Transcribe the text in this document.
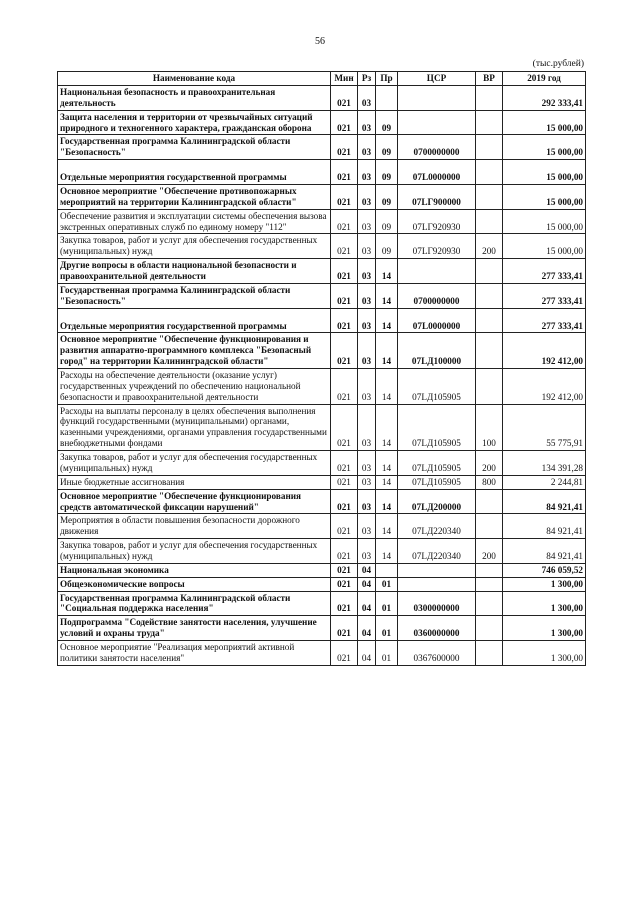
56
(тыс.рублей)
Наименование кода	Мин	Рз	Пр	ЦСР	ВР	2019 год
Национальная безопасность и правоохранительная деятельность	021	03				292 333,41
Защита населения и территории от чрезвычайных ситуаций природного и техногенного характера, гражданская оборона	021	03	09			15 000,00
Государственная программа Калининградской области "Безопасность"	021	03	09	0700000000		15 000,00
Отдельные мероприятия государственной программы	021	03	09	07L0000000		15 000,00
Основное мероприятие "Обеспечение противопожарных мероприятий на территории Калининградской области"	021	03	09	07LГ900000		15 000,00
Обеспечение развития и эксплуатации системы обеспечения вызова экстренных оперативных служб по единому номеру "112"	021	03	09	07LГ920930		15 000,00
Закупка товаров, работ и услуг для обеспечения государственных (муниципальных) нужд	021	03	09	07LГ920930	200	15 000,00
Другие вопросы в области национальной безопасности и правоохранительной деятельности	021	03	14			277 333,41
Государственная программа Калининградской области "Безопасность"	021	03	14	0700000000		277 333,41
Отдельные мероприятия государственной программы	021	03	14	07L0000000		277 333,41
Основное мероприятие "Обеспечение функционирования и развития аппаратно-программного комплекса "Безопасный город" на территории Калининградской области"	021	03	14	07LД100000		192 412,00
Расходы на обеспечение деятельности (оказание услуг) государственных учреждений по обеспечению национальной безопасности и правоохранительной деятельности	021	03	14	07LД105905		192 412,00
Расходы на выплаты персоналу в целях обеспечения выполнения функций государственными (муниципальными) органами, казенными учреждениями, органами управления государственными внебюджетными фондами	021	03	14	07LД105905	100	55 775,91
Закупка товаров, работ и услуг для обеспечения государственных (муниципальных) нужд	021	03	14	07LД105905	200	134 391,28
Иные бюджетные ассигнования	021	03	14	07LД105905	800	2 244,81
Основное мероприятие "Обеспечение функционирования средств автоматической фиксации нарушений"	021	03	14	07LД200000		84 921,41
Мероприятия в области повышения безопасности дорожного движения	021	03	14	07LД220340		84 921,41
Закупка товаров, работ и услуг для обеспечения государственных (муниципальных) нужд	021	03	14	07LД220340	200	84 921,41
Национальная экономика	021	04				746 059,52
Общеэкономические вопросы	021	04	01			1 300,00
Государственная программа Калининградской области "Социальная поддержка населения"	021	04	01	0300000000		1 300,00
Подпрограмма "Содействие занятости населения, улучшение условий и охраны труда"	021	04	01	0360000000		1 300,00
Основное мероприятие "Реализация мероприятий активной политики занятости населения"	021	04	01	0367600000		1 300,00
